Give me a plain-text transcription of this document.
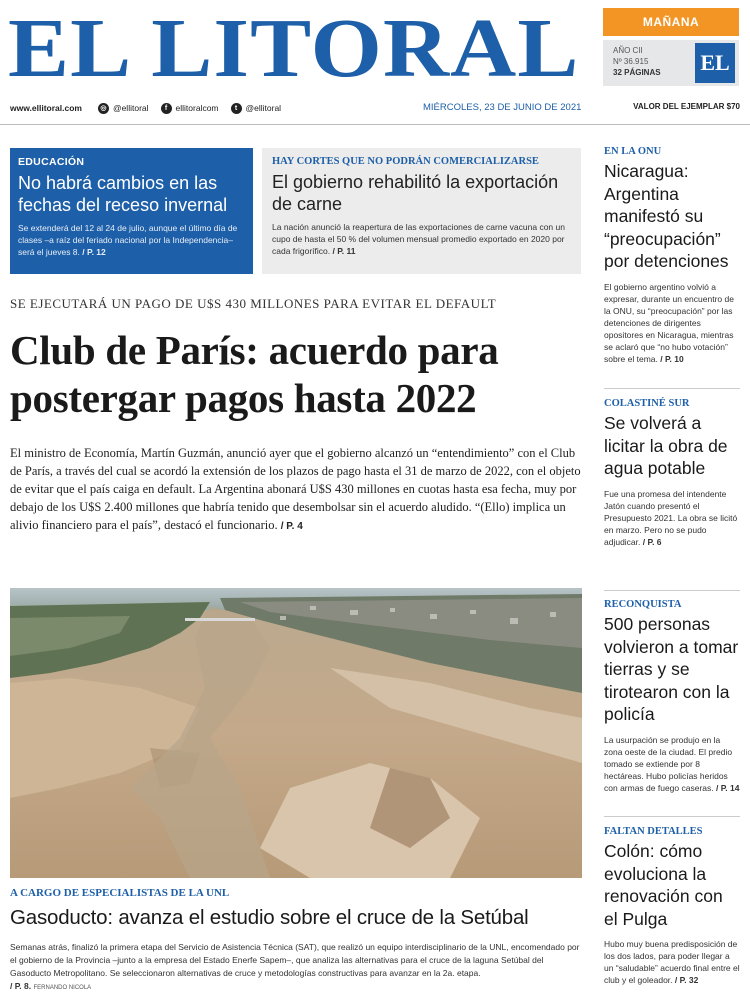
EL LITORAL	MAÑANA
AÑO CII
Nº 36.915
32 PÁGINAS EL
www.ellitoral.com	◎ @ellitoral	f ellitoralcom	t @ellitoral	MIÉRCOLES, 23 DE JUNIO DE 2021	VALOR DEL EJEMPLAR $70
EDUCACIÓN
No habrá cambios en las fechas del receso invernal
Se extenderá del 12 al 24 de julio, aunque el último día de clases –a raíz del feriado nacional por la Independencia– será el jueves 8. / P. 12
HAY CORTES QUE NO PODRÁN COMERCIALIZARSE
El gobierno rehabilitó la exportación de carne
La nación anunció la reapertura de las exportaciones de carne vacuna con un cupo de hasta el 50 % del volumen mensual promedio exportado en 2020 por cada frigorífico. / P. 11
SE EJECUTARÁ UN PAGO DE U$S 430 MILLONES PARA EVITAR EL DEFAULT
Club de París: acuerdo para postergar pagos hasta 2022
El ministro de Economía, Martín Guzmán, anunció ayer que el gobierno alcanzó un “entendimiento” con el Club de París, a través del cual se acordó la extensión de los plazos de pago hasta el 31 de marzo de 2022, con el objeto de evitar que el país caiga en default. La Argentina abonará U$S 430 millones en cuotas hasta esa fecha, muy por debajo de los U$S 2.400 millones que habría tenido que desembolsar sin el acuerdo aludido. “(Ello) implica un alivio financiero para el país”, destacó el funcionario. / P. 4
A CARGO DE ESPECIALISTAS DE LA UNL
Gasoducto: avanza el estudio sobre el cruce de la Setúbal
Semanas atrás, finalizó la primera etapa del Servicio de Asistencia Técnica (SAT), que realizó un equipo interdisciplinario de la UNL, encomendado por el gobierno de la Provincia –junto a la empresa del Estado Enerfe Sapem–, que analiza las alternativas para el cruce de la laguna Setúbal del Gasoducto Metropolitano. Se seleccionaron alternativas de cruce y metodologías constructivas para avanzar en la 2a. etapa.
/ P. 8. FERNANDO NICOLA
EN LA ONU
Nicaragua: Argentina manifestó su “preocupación” por detenciones
El gobierno argentino volvió a expresar, durante un encuentro de la ONU, su “preocupación” por las detenciones de dirigentes opositores en Nicaragua, mientras se aclaró que “no hubo votación” sobre el tema. / P. 10
COLASTINÉ SUR
Se volverá a licitar la obra de agua potable
Fue una promesa del intendente Jatón cuando presentó el Presupuesto 2021. La obra se licitó en marzo. Pero no se pudo adjudicar. / P. 6
RECONQUISTA
500 personas volvieron a tomar tierras y se tirotearon con la policía
La usurpación se produjo en la zona oeste de la ciudad. El predio tomado se extiende por 8 hectáreas. Hubo policías heridos con armas de fuego caseras. / P. 14
FALTAN DETALLES
Colón: cómo evoluciona la renovación con el Pulga
Hubo muy buena predisposición de los dos lados, para poder llegar a un “saludable” acuerdo final entre el club y el goleador. / P. 32
